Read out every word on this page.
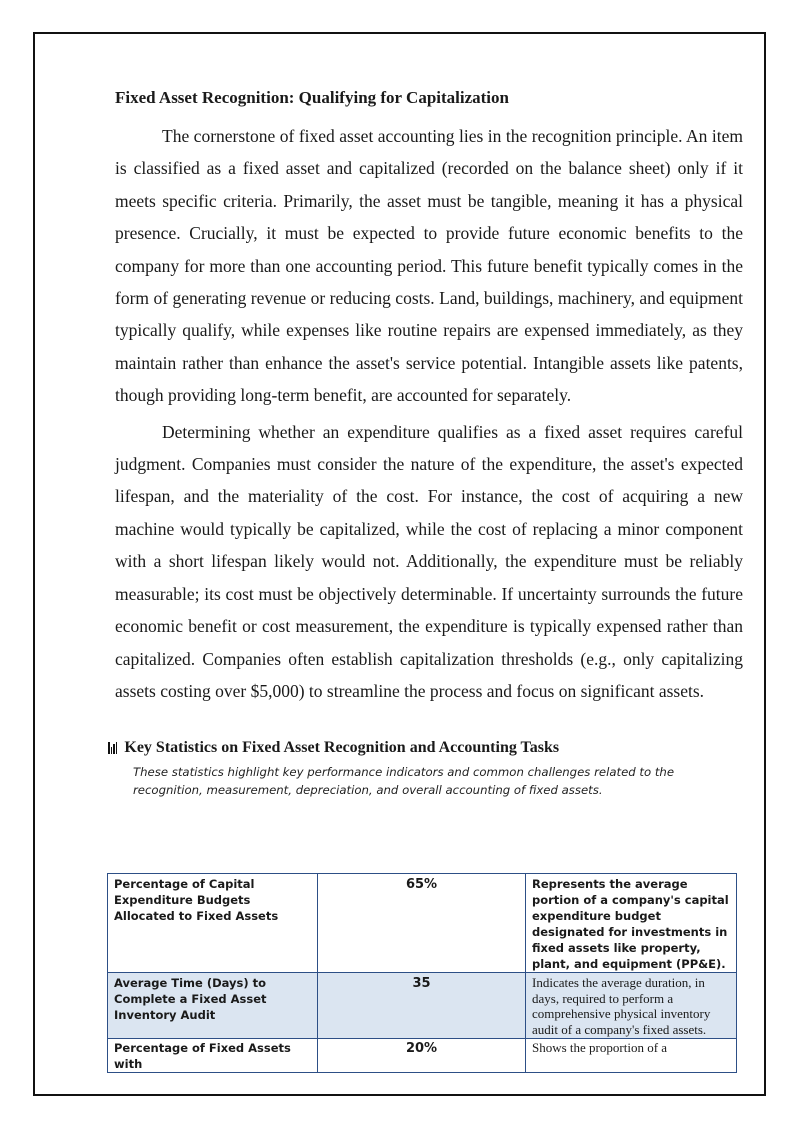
Fixed Asset Recognition: Qualifying for Capitalization

The cornerstone of fixed asset accounting lies in the recognition principle. An item is classified as a fixed asset and capitalized (recorded on the balance sheet) only if it meets specific criteria. Primarily, the asset must be tangible, meaning it has a physical presence. Crucially, it must be expected to provide future economic benefits to the company for more than one accounting period. This future benefit typically comes in the form of generating revenue or reducing costs. Land, buildings, machinery, and equipment typically qualify, while expenses like routine repairs are expensed immediately, as they maintain rather than enhance the asset's service potential. Intangible assets like patents, though providing long-term benefit, are accounted for separately.

Determining whether an expenditure qualifies as a fixed asset requires careful judgment. Companies must consider the nature of the expenditure, the asset's expected lifespan, and the materiality of the cost. For instance, the cost of acquiring a new machine would typically be capitalized, while the cost of replacing a minor component with a short lifespan likely would not. Additionally, the expenditure must be reliably measurable; its cost must be objectively determinable. If uncertainty surrounds the future economic benefit or cost measurement, the expenditure is typically expensed rather than capitalized. Companies often establish capitalization thresholds (e.g., only capitalizing assets costing over $5,000) to streamline the process and focus on significant assets.

Key Statistics on Fixed Asset Recognition and Accounting Tasks
These statistics highlight key performance indicators and common challenges related to the recognition, measurement, depreciation, and overall accounting of fixed assets.
Percentage of Capital Expenditure Budgets Allocated to Fixed Assets	65%	Represents the average portion of a company's capital expenditure budget designated for investments in fixed assets like property, plant, and equipment (PP&E).

Average Time (Days) to Complete a Fixed Asset Inventory Audit	35	Indicates the average duration, in days, required to perform a comprehensive physical inventory audit of a company's fixed assets.

Percentage of Fixed Assets with	20%	Shows the proportion of a
